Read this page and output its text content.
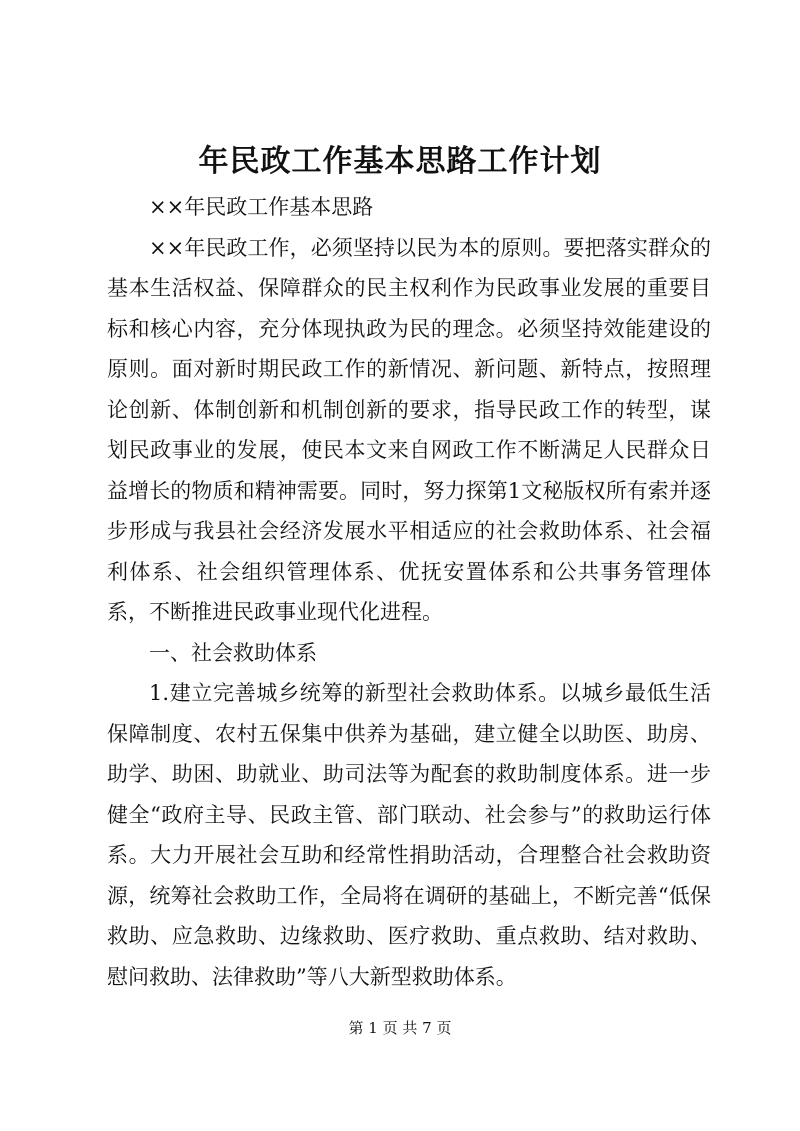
年民政工作基本思路工作计划
××年民政工作基本思路

××年民政工作，必须坚持以民为本的原则。要把落实群众的基本生活权益、保障群众的民主权利作为民政事业发展的重要目标和核心内容，充分体现执政为民的理念。必须坚持效能建设的原则。面对新时期民政工作的新情况、新问题、新特点，按照理论创新、体制创新和机制创新的要求，指导民政工作的转型，谋划民政事业的发展，使民本文来自网政工作不断满足人民群众日益增长的物质和精神需要。同时，努力探第1文秘版权所有索并逐步形成与我县社会经济发展水平相适应的社会救助体系、社会福利体系、社会组织管理体系、优抚安置体系和公共事务管理体系，不断推进民政事业现代化进程。

一、社会救助体系

1.建立完善城乡统筹的新型社会救助体系。以城乡最低生活保障制度、农村五保集中供养为基础，建立健全以助医、助房、助学、助困、助就业、助司法等为配套的救助制度体系。进一步健全“政府主导、民政主管、部门联动、社会参与”的救助运行体系。大力开展社会互助和经常性捐助活动，合理整合社会救助资源，统筹社会救助工作，全局将在调研的基础上，不断完善“低保救助、应急救助、边缘救助、医疗救助、重点救助、结对救助、慰问救助、法律救助”等八大新型救助体系。

第 1 页 共 7 页
